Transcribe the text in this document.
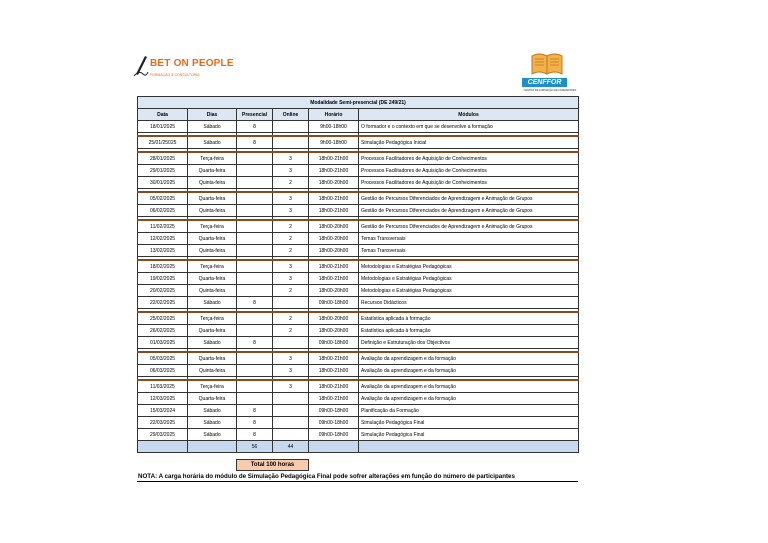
BET ON PEOPLE
FORMAÇÃO & CONSULTORIA
CENFFOR
CENTRO DE FORMAÇÃO DE FORMADORES
Modalidade Semi-presencial (DE 249/21)					
Data	Dias	Presencial	Online	Horário	Módulos
18/01/2025	Sábado	8		9h00-18h00	O formador e o contexto em que se desenvolve a formação

25/01/25025	Sábado	8		9h00-18h00	Simulação Pedagógica Inicial

28/01/2025	Terça-feira		3	18h00-21h00	Processos Facilitadores de Aquisição de Conhecimentos
29/01/2025	Quarta-feira		3	18h00-21h00	Processos Facilitadores de Aquisição de Conhecimentos
30/01/2025	Quinta-feira		2	18h00-20h00	Processos Facilitadores de Aquisição de Conhecimentos

05/02/2025	Quarta-feira		3	18h00-21h00	Gestão de Percursos Diferenciados de Aprendizagem e Animação de Grupos
06/02/2025	Quinta-feira		3	18h00-21h00	Gestão de Percursos Diferenciados de Aprendizagem e Animação de Grupos

11/02/2025	Terça-feira		2	18h00-20h00	Gestão de Percursos Diferenciados de Aprendizagem e Animação de Grupos
12/02/2025	Quarta-feira		2	18h00-20h00	Temas Transversais
13/02/2025	Quinta-feira		2	18h00-20h00	Temas Transversais

18/02/2025	Terça-feira		3	18h00-21h00	Metodologias e Estratégias Pedagógicas
19/02/2025	Quarta-feira		3	18h00-21h00	Metodologias e Estratégias Pedagógicas
20/02/2025	Quinta-feira		2	18h00-20h00	Metodologias e Estratégias Pedagógicas
22/02/2025	Sábado	8		09h00-18h00	Recursos Didácticos

25/02/2025	Terça-feira		2	18h00-20h00	Estatística aplicada à formação
26/02/2025	Quarta-feira		2	18h00-20h00	Estatística aplicada à formação
01/03/2025	Sábado	8		09h00-18h00	Definição e Estruturação dos Objectivos

05/03/2025	Quarta-feira		3	18h00-21h00	Avaliação da aprendizagem e da formação
06/03/2025	Quinta-feira		3	18h00-21h00	Avaliação da aprendizagem e da formação

11/03/2025	Terça-feira		3	18h00-21h00	Avaliação da aprendizagem e da formação
12/03/2025	Quarta-feira			18h00-21h00	Avaliação da aprendizagem e da formação
15/03/2024	Sábado	8		09h00-18h00	Planificação da Formação
22/03/2025	Sábado	8		09h00-18h00	Simulação Pedagógica Final
29/03/2025	Sábado	8		09h00-18h00	Simulação Pedagógica Final
		56	44		
Total 100 horas
NOTA: A carga horária do módulo de Simulação Pedagógica Final pode sofrer alterações em função do número de participantes
